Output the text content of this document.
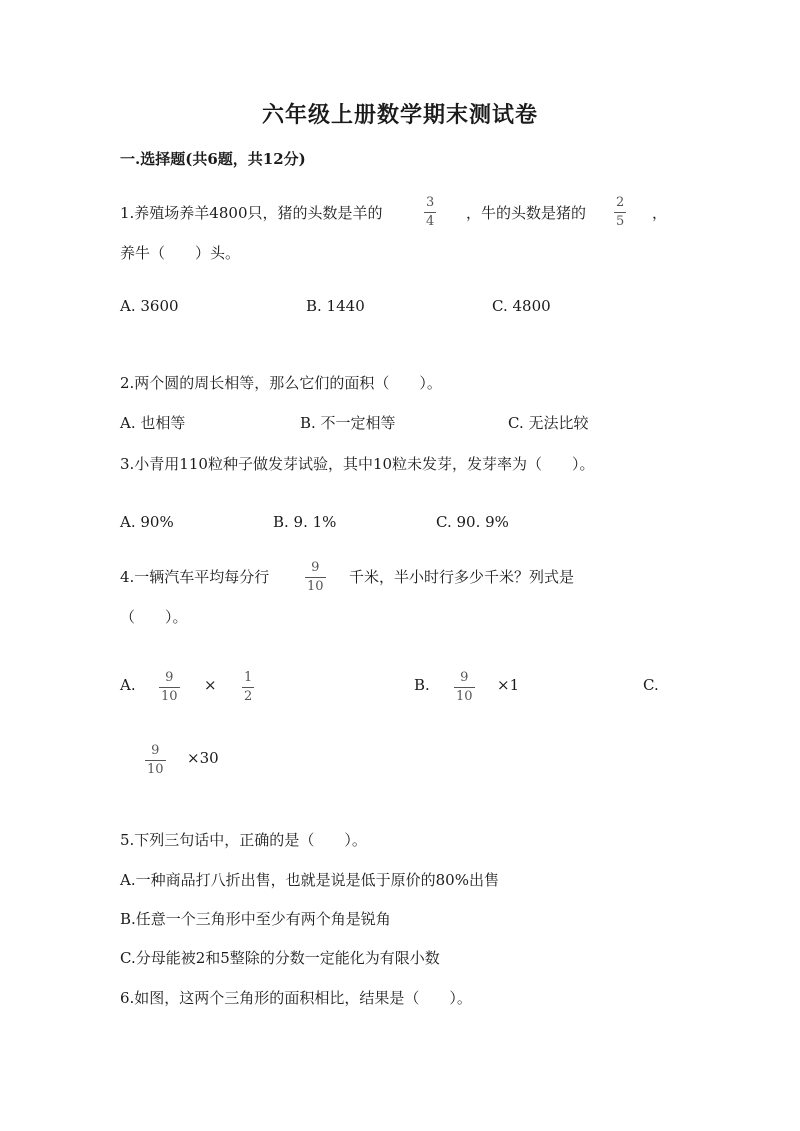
六年级上册数学期末测试卷
一.选择题(共6题，共12分)
1.养殖场养羊4800只，猪的头数是羊的
3
4 ，牛的头数是猪的
2
5 ，
养牛（　　）头。
A. 3600	B. 1440	C. 4800
2.两个圆的周长相等，那么它们的面积（　　）。
A. 也相等	B. 不一定相等	C. 无法比较
3.小青用110粒种子做发芽试验，其中10粒未发芽，发芽率为（　　）。
A. 90%	B. 9. 1%	C. 90. 9%
4.一辆汽车平均每分行
9
10
千米，半小时行多少千米？列式是
（　　）。
A. 9
10
× 1
2
B. 9
10
×1	C.
9
10
×30
5.下列三句话中，正确的是（　　）。
A.一种商品打八折出售，也就是说是低于原价的80%出售
B.任意一个三角形中至少有两个角是锐角
C.分母能被2和5整除的分数一定能化为有限小数
6.如图，这两个三角形的面积相比，结果是（　　）。
